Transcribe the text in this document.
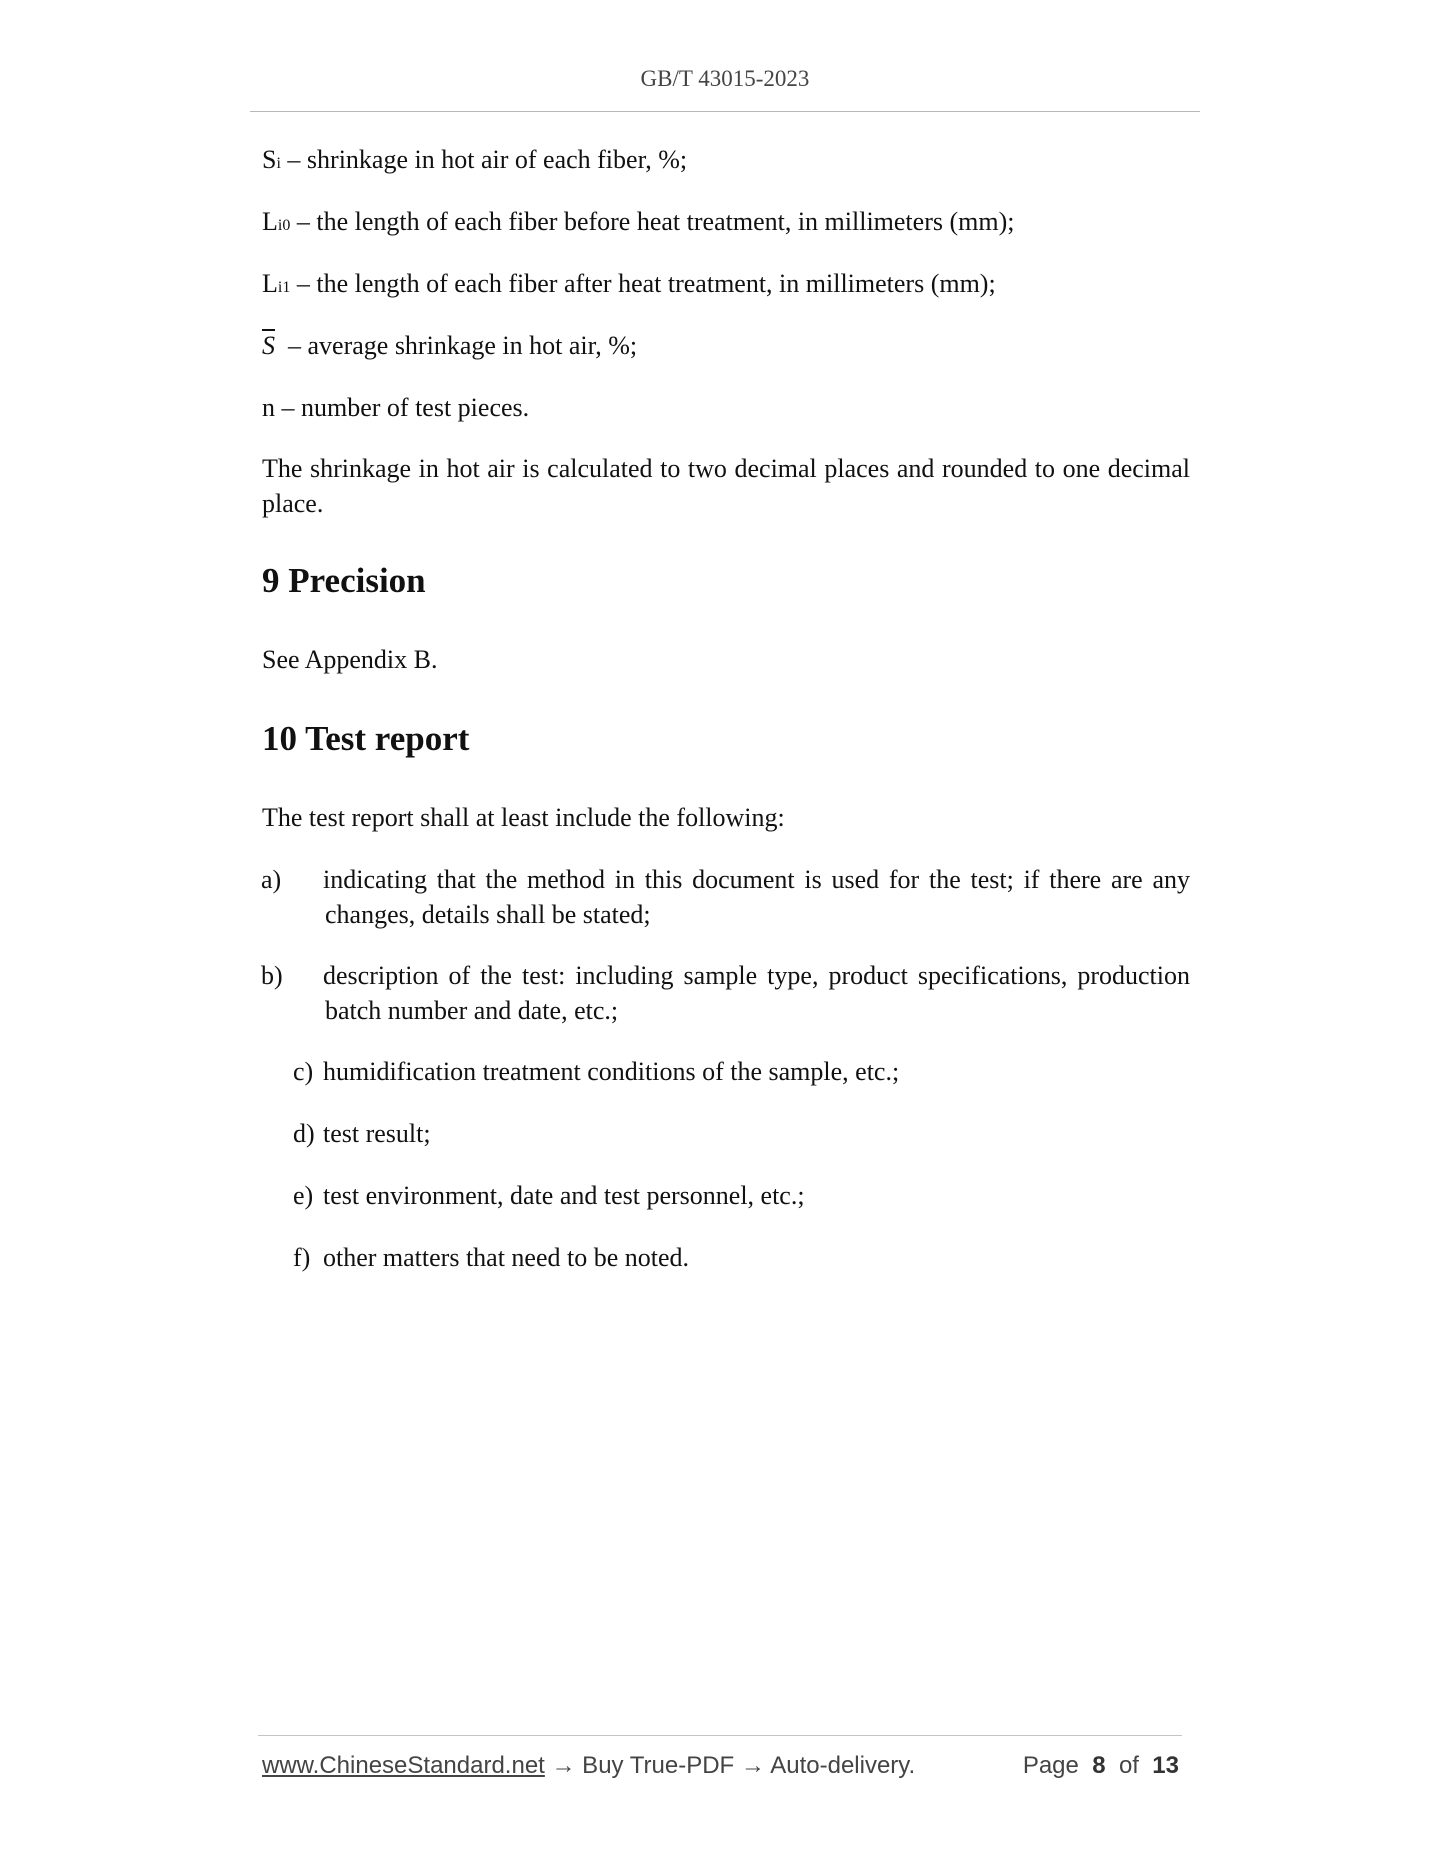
GB/T 43015-2023

Si – shrinkage in hot air of each fiber, %;

Li0 – the length of each fiber before heat treatment, in millimeters (mm);

Li1 – the length of each fiber after heat treatment, in millimeters (mm);

$\overline{S}$  – average shrinkage in hot air, %;

n – number of test pieces.

The shrinkage in hot air is calculated to two decimal places and rounded to one decimal place.

9 Precision

See Appendix B.

10 Test report

The test report shall at least include the following:

a) indicating that the method in this document is used for the test; if there are any changes, details shall be stated;
b) description of the test: including sample type, product specifications, production batch number and date, etc.;
c) humidification treatment conditions of the sample, etc.;
d) test result;
e) test environment, date and test personnel, etc.;
f) other matters that need to be noted.
www.ChineseStandard.net → Buy True-PDF → Auto-delivery.	Page 8 of 13
